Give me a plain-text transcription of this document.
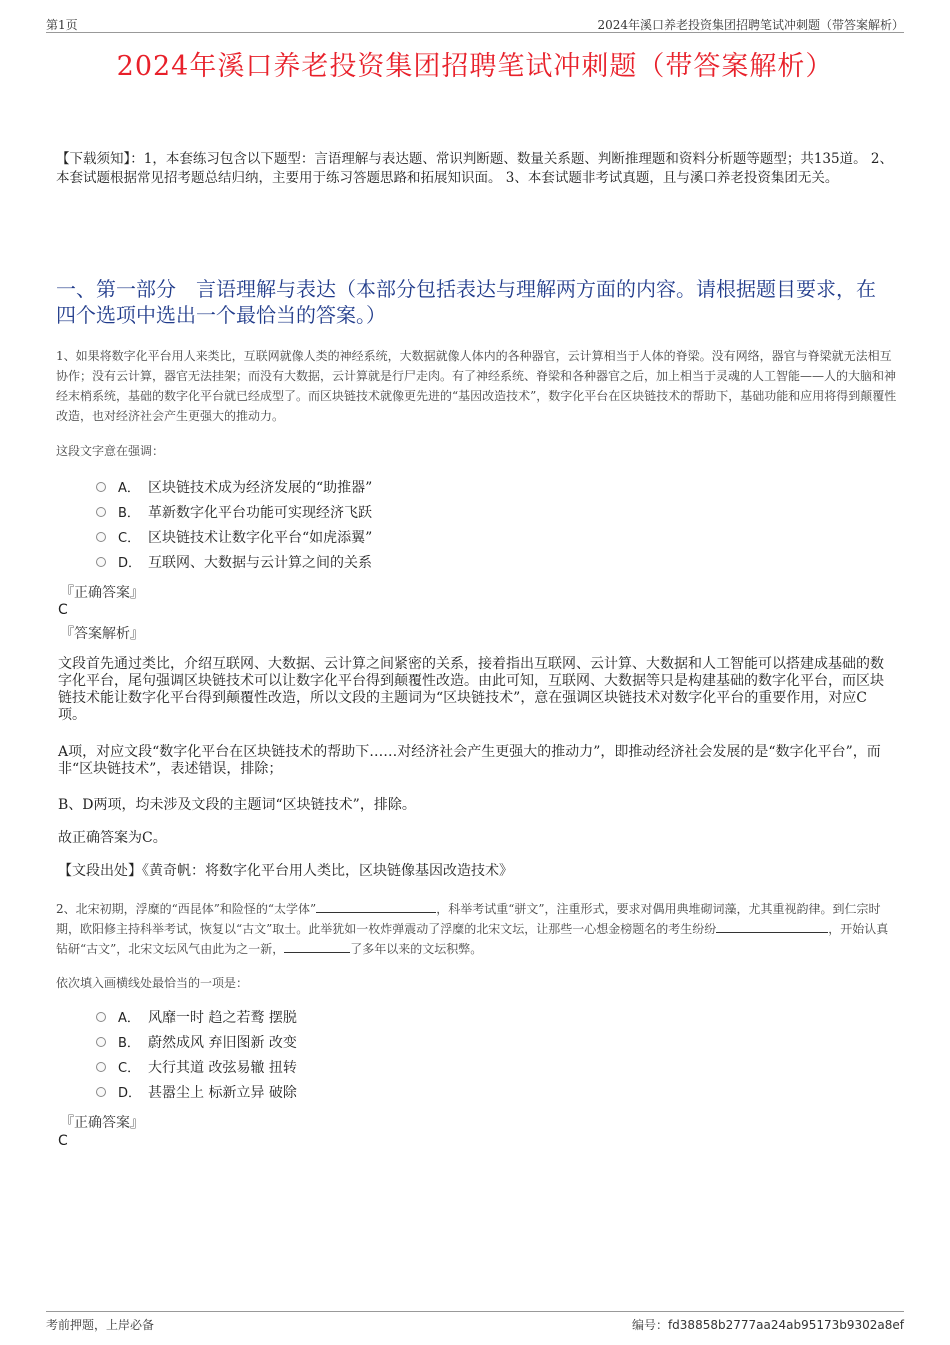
第1页	2024年溪口养老投资集团招聘笔试冲刺题（带答案解析）
2024年溪口养老投资集团招聘笔试冲刺题（带答案解析）
【下载须知】：1，本套练习包含以下题型：言语理解与表达题、常识判断题、数量关系题、判断推理题和资料分析题等题型；共135道。 2、本套试题根据常见招考题总结归纳，主要用于练习答题思路和拓展知识面。 3、本套试题非考试真题，且与溪口养老投资集团无关。
一、第一部分　言语理解与表达（本部分包括表达与理解两方面的内容。请根据题目要求，在四个选项中选出一个最恰当的答案。）
1、如果将数字化平台用人来类比，互联网就像人类的神经系统，大数据就像人体内的各种器官，云计算相当于人体的脊梁。没有网络，器官与脊梁就无法相互协作；没有云计算，器官无法挂架；而没有大数据，云计算就是行尸走肉。有了神经系统、脊梁和各种器官之后，加上相当于灵魂的人工智能——人的大脑和神经末梢系统，基础的数字化平台就已经成型了。而区块链技术就像更先进的“基因改造技术”，数字化平台在区块链技术的帮助下，基础功能和应用将得到颠覆性改造，也对经济社会产生更强大的推动力。
这段文字意在强调：
A． 区块链技术成为经济发展的“助推器”
B． 革新数字化平台功能可实现经济飞跃
C． 区块链技术让数字化平台“如虎添翼”
D． 互联网、大数据与云计算之间的关系
『正确答案』
C
『答案解析』
文段首先通过类比，介绍互联网、大数据、云计算之间紧密的关系，接着指出互联网、云计算、大数据和人工智能可以搭建成基础的数字化平台，尾句强调区块链技术可以让数字化平台得到颠覆性改造。由此可知，互联网、大数据等只是构建基础的数字化平台，而区块链技术能让数字化平台得到颠覆性改造，所以文段的主题词为“区块链技术”，意在强调区块链技术对数字化平台的重要作用，对应C项。
A项，对应文段“数字化平台在区块链技术的帮助下……对经济社会产生更强大的推动力”，即推动经济社会发展的是“数字化平台”，而非“区块链技术”，表述错误，排除；
B、D两项，均未涉及文段的主题词“区块链技术”，排除。
故正确答案为C。
【文段出处】《黄奇帆：将数字化平台用人类比，区块链像基因改造技术》
2、北宋初期，浮糜的“西昆体”和险怪的“太学体”	，科举考试重“骈文”，注重形式，要求对偶用典堆砌词藻，尤其重视韵律。到仁宗时期，欧阳修主持科举考试，恢复以“古文”取士。此举犹如一枚炸弹震动了浮糜的北宋文坛，让那些一心想金榜题名的考生纷纷	，开始认真钻研“古文”，北宋文坛风气由此为之一新，	了多年以来的文坛积弊。
依次填入画横线处最恰当的一项是：
A． 风靡一时 趋之若鹜 摆脱
B． 蔚然成风 弃旧图新 改变
C． 大行其道 改弦易辙 扭转
D． 甚嚣尘上 标新立异 破除
『正确答案』
C
考前押题，上岸必备	编号：fd38858b2777aa24ab95173b9302a8ef
